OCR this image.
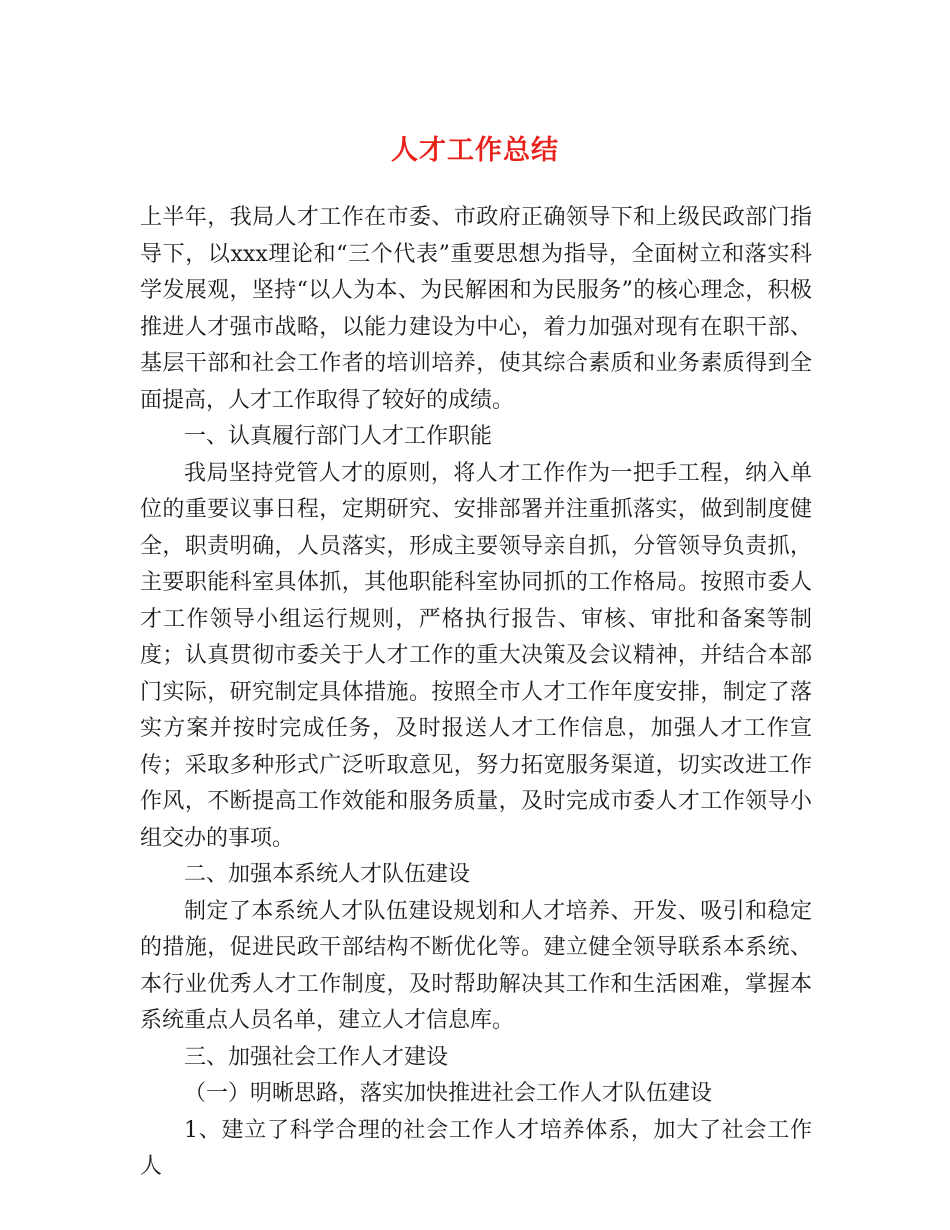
人才工作总结

上半年，我局人才工作在市委、市政府正确领导下和上级民政部门指导下，以xxx理论和“三个代表”重要思想为指导，全面树立和落实科学发展观，坚持“以人为本、为民解困和为民服务”的核心理念，积极推进人才强市战略，以能力建设为中心，着力加强对现有在职干部、基层干部和社会工作者的培训培养，使其综合素质和业务素质得到全面提高，人才工作取得了较好的成绩。

一、认真履行部门人才工作职能

我局坚持党管人才的原则，将人才工作作为一把手工程，纳入单位的重要议事日程，定期研究、安排部署并注重抓落实，做到制度健全，职责明确，人员落实，形成主要领导亲自抓，分管领导负责抓，主要职能科室具体抓，其他职能科室协同抓的工作格局。按照市委人才工作领导小组运行规则，严格执行报告、审核、审批和备案等制度；认真贯彻市委关于人才工作的重大决策及会议精神，并结合本部门实际，研究制定具体措施。按照全市人才工作年度安排，制定了落实方案并按时完成任务，及时报送人才工作信息，加强人才工作宣传；采取多种形式广泛听取意见，努力拓宽服务渠道，切实改进工作作风，不断提高工作效能和服务质量，及时完成市委人才工作领导小组交办的事项。

二、加强本系统人才队伍建设

制定了本系统人才队伍建设规划和人才培养、开发、吸引和稳定的措施，促进民政干部结构不断优化等。建立健全领导联系本系统、本行业优秀人才工作制度，及时帮助解决其工作和生活困难，掌握本系统重点人员名单，建立人才信息库。

三、加强社会工作人才建设

（一）明晰思路，落实加快推进社会工作人才队伍建设

1、建立了科学合理的社会工作人才培养体系，加大了社会工作人
